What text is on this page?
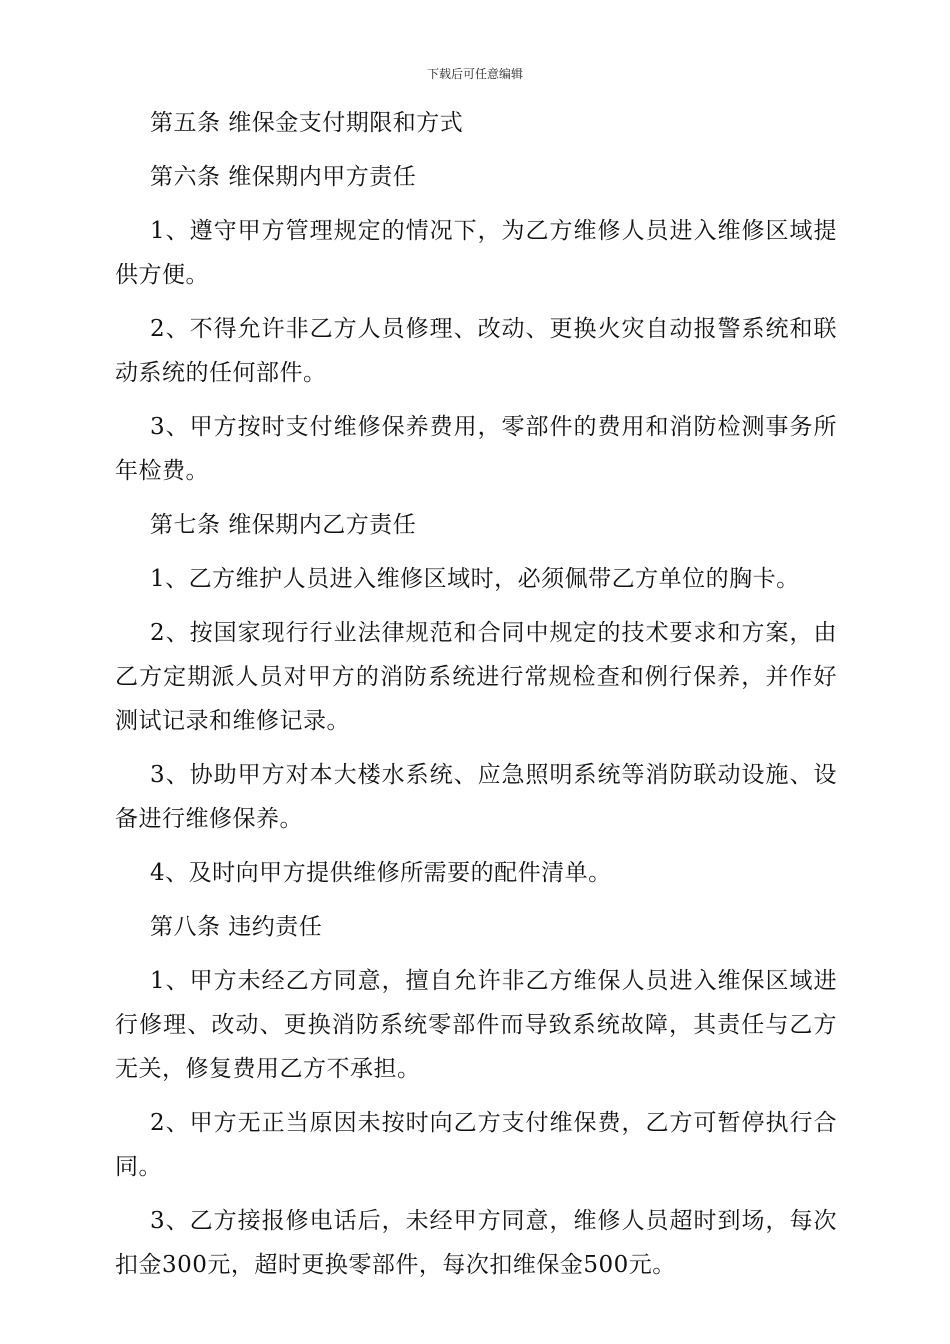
下载后可任意编辑

第五条 维保金支付期限和方式

第六条 维保期内甲方责任

1、遵守甲方管理规定的情况下，为乙方维修人员进入维修区域提供方便。

2、不得允许非乙方人员修理、改动、更换火灾自动报警系统和联动系统的任何部件。

3、甲方按时支付维修保养费用，零部件的费用和消防检测事务所年检费。

第七条 维保期内乙方责任

1、乙方维护人员进入维修区域时，必须佩带乙方单位的胸卡。

2、按国家现行行业法律规范和合同中规定的技术要求和方案，由乙方定期派人员对甲方的消防系统进行常规检查和例行保养，并作好测试记录和维修记录。

3、协助甲方对本大楼水系统、应急照明系统等消防联动设施、设备进行维修保养。

4、及时向甲方提供维修所需要的配件清单。

第八条 违约责任

1、甲方未经乙方同意，擅自允许非乙方维保人员进入维保区域进行修理、改动、更换消防系统零部件而导致系统故障，其责任与乙方无关，修复费用乙方不承担。

2、甲方无正当原因未按时向乙方支付维保费，乙方可暂停执行合同。

3、乙方接报修电话后，未经甲方同意，维修人员超时到场，每次扣金300元，超时更换零部件，每次扣维保金500元。
